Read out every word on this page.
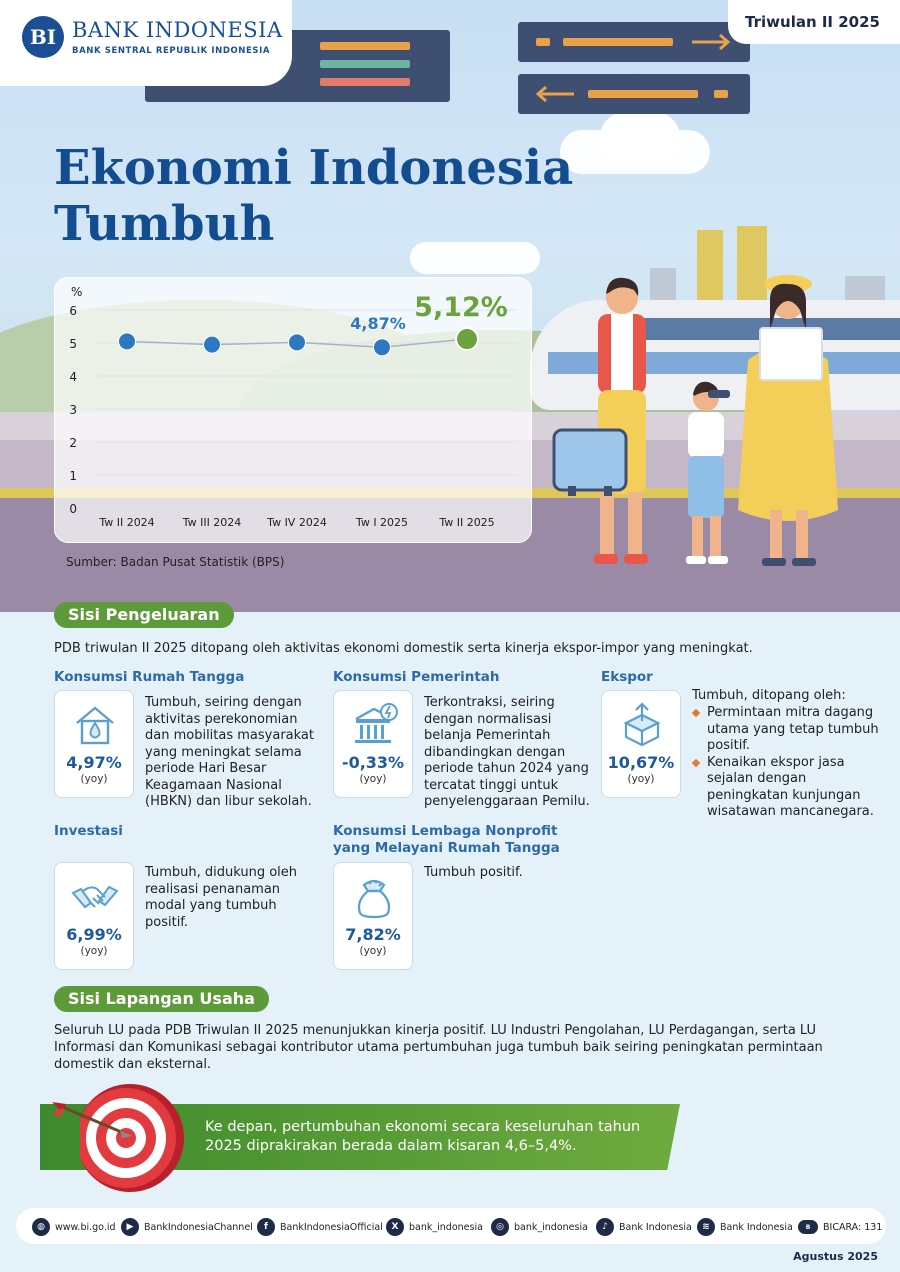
BI BANK INDONESIA
BANK SENTRAL REPUBLIK INDONESIA
Triwulan II 2025
Ekonomi Indonesia Tumbuh
%
0
1
2
3
4
5
6
Tw II 2024	Tw III 2024 Tw IV 2024	Tw I 2025	Tw II 2025
4,87%
5,12%
Sumber: Badan Pusat Statistik (BPS)
Sisi Pengeluaran
PDB triwulan II 2025 ditopang oleh aktivitas ekonomi domestik serta kinerja ekspor-impor yang meningkat.
Konsumsi Rumah Tangga
4,97%
(yoy)
Tumbuh, seiring dengan aktivitas perekonomian dan mobilitas masyarakat yang meningkat selama periode Hari Besar Keagamaan Nasional (HBKN) dan libur sekolah.
Konsumsi Pemerintah
-0,33%
(yoy)
Terkontraksi, seiring dengan normalisasi belanja Pemerintah dibandingkan dengan periode tahun 2024 yang tercatat tinggi untuk penyelenggaraan Pemilu.
Ekspor
10,67%
(yoy)
Tumbuh, ditopang oleh:
Permintaan mitra dagang utama yang tetap tumbuh positif.
Kenaikan ekspor jasa sejalan dengan peningkatan kunjungan wisatawan mancanegara.
Investasi
6,99%
(yoy)
Tumbuh, didukung oleh realisasi penanaman modal yang tumbuh positif.
Konsumsi Lembaga Nonprofit yang Melayani Rumah Tangga
7,82%
(yoy)
Tumbuh positif.
Sisi Lapangan Usaha
Seluruh LU pada PDB Triwulan II 2025 menunjukkan kinerja positif. LU Industri Pengolahan, LU Perdagangan, serta LU Informasi dan Komunikasi sebagai kontributor utama pertumbuhan juga tumbuh baik seiring peningkatan permintaan domestik dan eksternal.
Ke depan, pertumbuhan ekonomi secara keseluruhan tahun 2025 diprakirakan berada dalam kisaran 4,6–5,4%.
◍	www.bi.go.id	▶	BankIndonesiaChannel	f	BankIndonesiaOfficial X	bank_indonesia	◎	bank_indonesia	♪	Bank Indonesia	≋	Bank Indonesia	B	BICARA: 131
Agustus 2025
